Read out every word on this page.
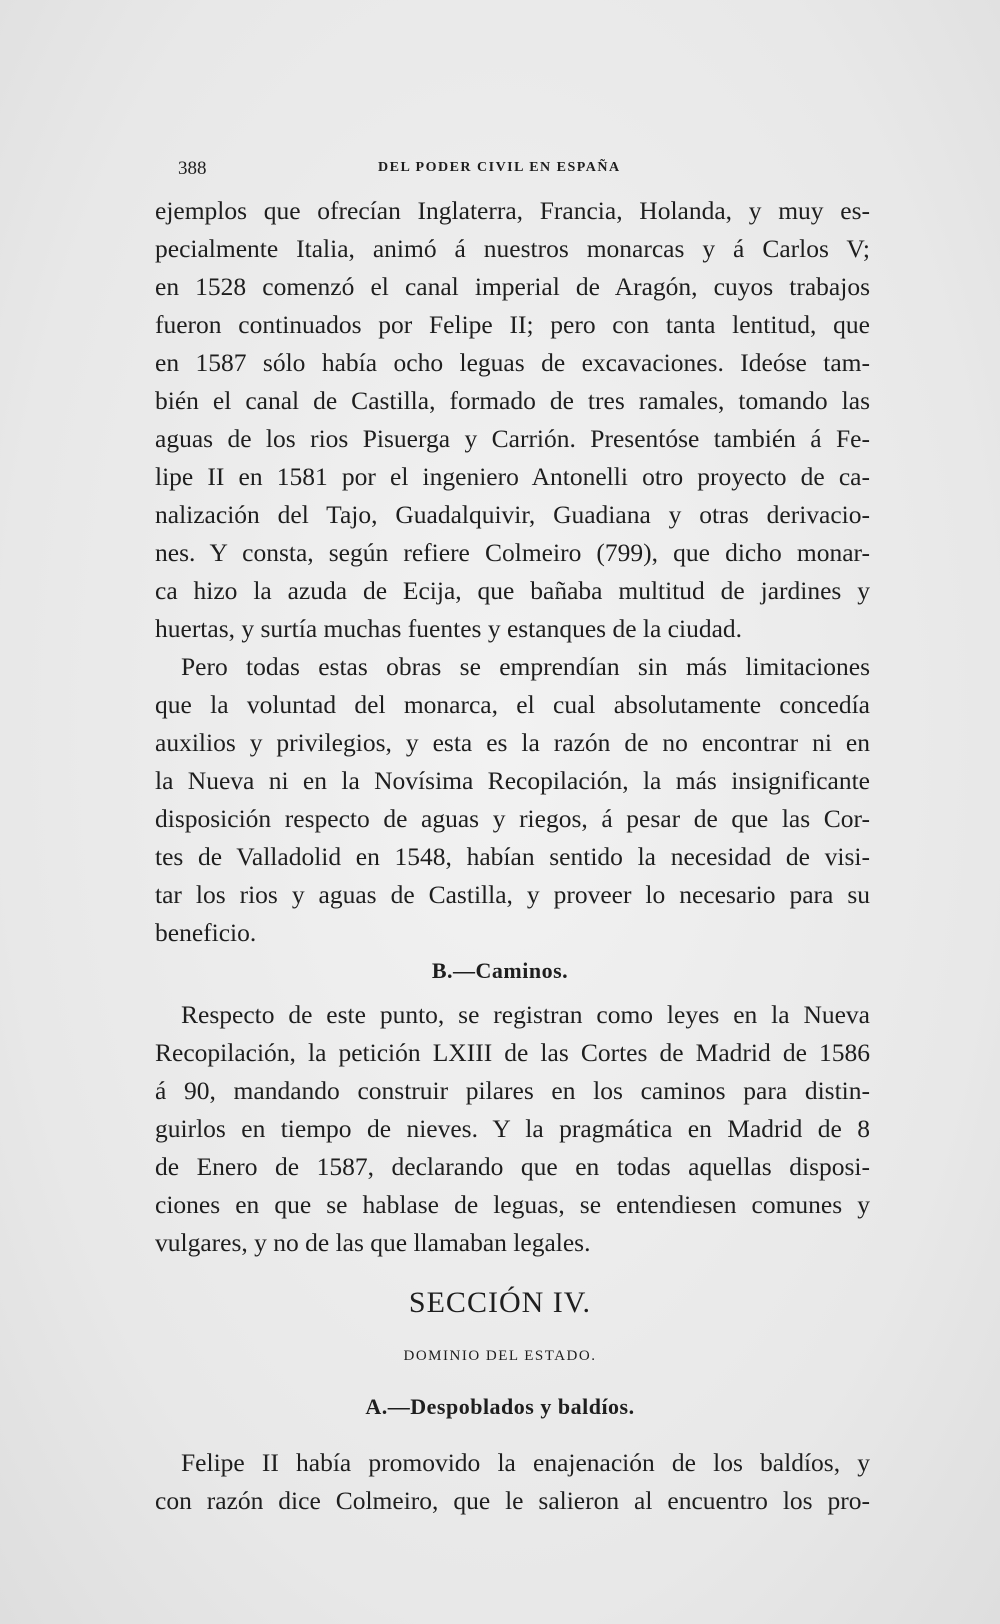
388	DEL PODER CIVIL EN ESPAÑA
ejemplos que ofrecían Inglaterra, Francia, Holanda, y muy es-
pecialmente Italia, animó á nuestros monarcas y á Carlos V;
en 1528 comenzó el canal imperial de Aragón, cuyos trabajos
fueron continuados por Felipe II; pero con tanta lentitud, que
en 1587 sólo había ocho leguas de excavaciones. Ideóse tam-
bién el canal de Castilla, formado de tres ramales, tomando las
aguas de los rios Pisuerga y Carrión. Presentóse también á Fe-
lipe II en 1581 por el ingeniero Antonelli otro proyecto de ca-
nalización del Tajo, Guadalquivir, Guadiana y otras derivacio-
nes. Y consta, según refiere Colmeiro (799), que dicho monar-
ca hizo la azuda de Ecija, que bañaba multitud de jardines y
huertas, y surtía muchas fuentes y estanques de la ciudad.
Pero todas estas obras se emprendían sin más limitaciones
que la voluntad del monarca, el cual absolutamente concedía
auxilios y privilegios, y esta es la razón de no encontrar ni en
la Nueva ni en la Novísima Recopilación, la más insignificante
disposición respecto de aguas y riegos, á pesar de que las Cor-
tes de Valladolid en 1548, habían sentido la necesidad de visi-
tar los rios y aguas de Castilla, y proveer lo necesario para su
beneficio.
B.—Caminos.
Respecto de este punto, se registran como leyes en la Nueva
Recopilación, la petición LXIII de las Cortes de Madrid de 1586
á 90, mandando construir pilares en los caminos para distin-
guirlos en tiempo de nieves. Y la pragmática en Madrid de 8
de Enero de 1587, declarando que en todas aquellas disposi-
ciones en que se hablase de leguas, se entendiesen comunes y
vulgares, y no de las que llamaban legales.
SECCIÓN IV.
DOMINIO DEL ESTADO.
A.—Despoblados y baldíos.
Felipe II había promovido la enajenación de los baldíos, y
con razón dice Colmeiro, que le salieron al encuentro los pro-
